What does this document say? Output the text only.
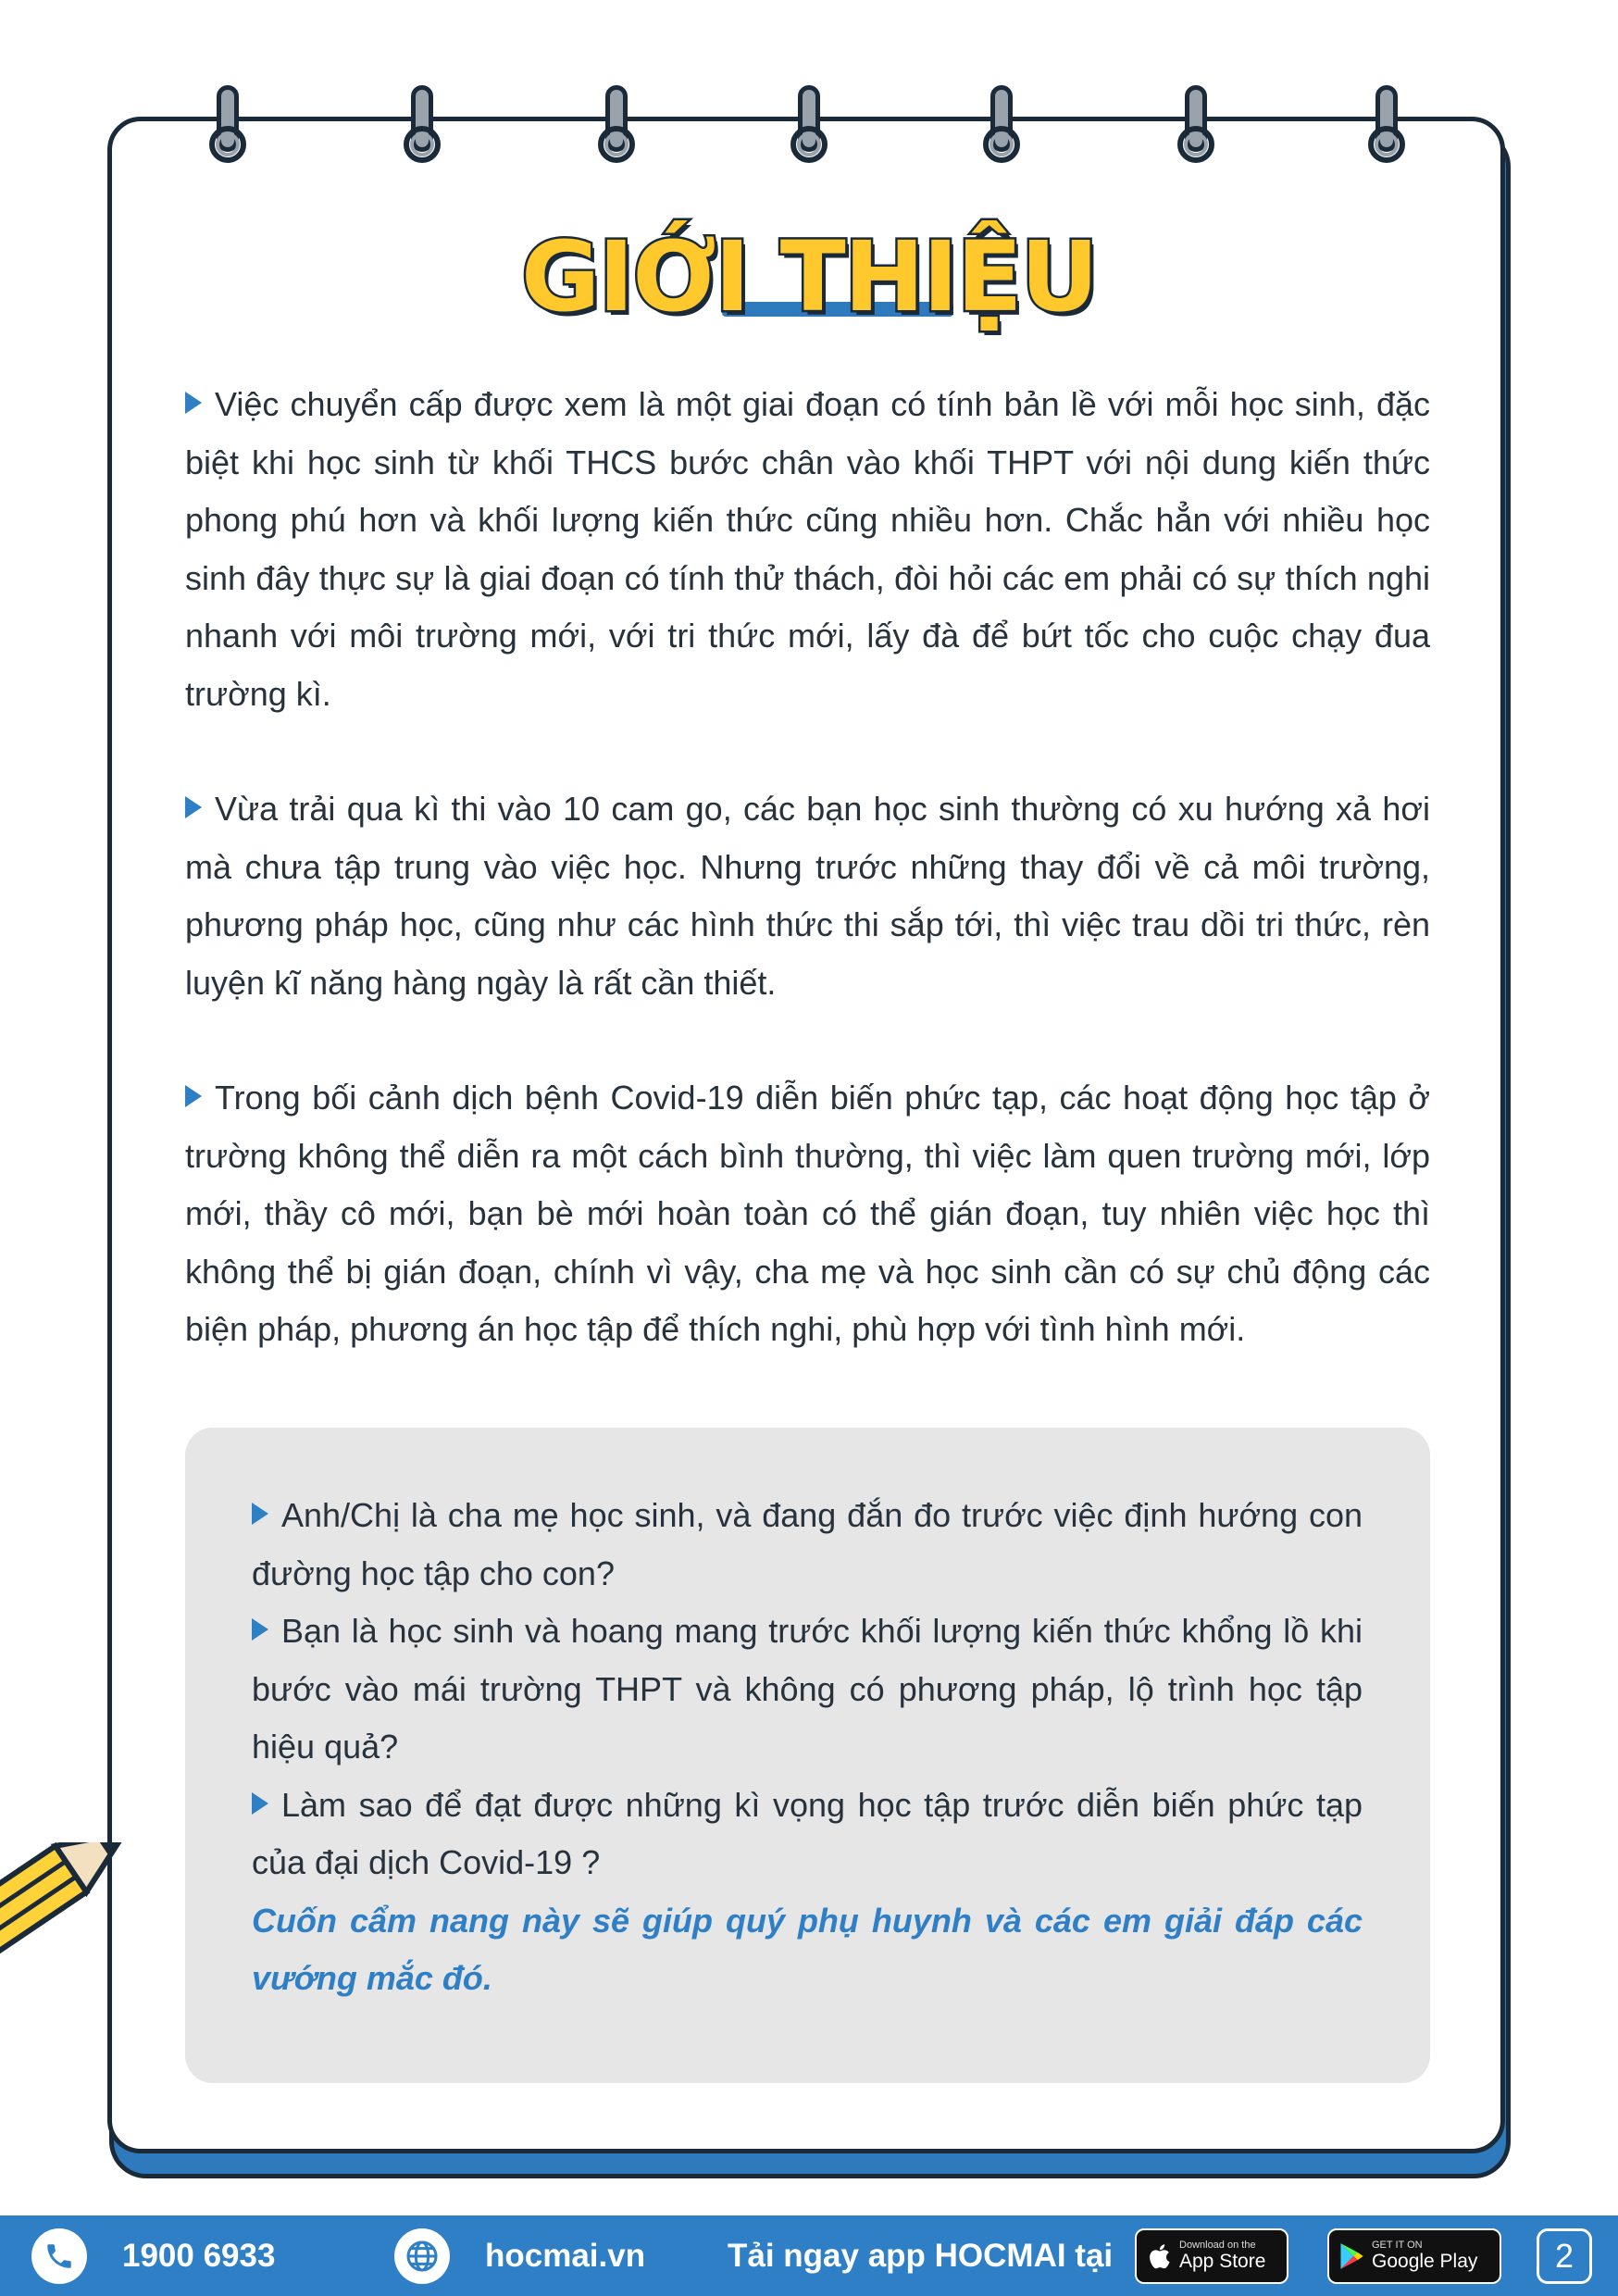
GIỚI THIỆU

Việc chuyển cấp được xem là một giai đoạn có tính bản lề với mỗi học sinh, đặc biệt khi học sinh từ khối THCS bước chân vào khối THPT với nội dung kiến thức phong phú hơn và khối lượng kiến thức cũng nhiều hơn. Chắc hẳn với nhiều học sinh đây thực sự là giai đoạn có tính thử thách, đòi hỏi các em phải có sự thích nghi nhanh với môi trường mới, với tri thức mới, lấy đà để bứt tốc cho cuộc chạy đua trường kì.

Vừa trải qua kì thi vào 10 cam go, các bạn học sinh thường có xu hướng xả hơi mà chưa tập trung vào việc học. Nhưng trước những thay đổi về cả môi trường, phương pháp học, cũng như các hình thức thi sắp tới, thì việc trau dồi tri thức, rèn luyện kĩ năng hàng ngày là rất cần thiết.

Trong bối cảnh dịch bệnh Covid-19 diễn biến phức tạp, các hoạt động học tập ở trường không thể diễn ra một cách bình thường, thì việc làm quen trường mới, lớp mới, thầy cô mới, bạn bè mới hoàn toàn có thể gián đoạn, tuy nhiên việc học thì không thể bị gián đoạn, chính vì vậy, cha mẹ và học sinh cần có sự chủ động các biện pháp, phương án học tập để thích nghi, phù hợp với tình hình mới.

Anh/Chị là cha mẹ học sinh, và đang đắn đo trước việc định hướng con đường học tập cho con?

Bạn là học sinh và hoang mang trước khối lượng kiến thức khổng lồ khi bước vào mái trường THPT và không có phương pháp, lộ trình học tập hiệu quả?

Làm sao để đạt được những kì vọng học tập trước diễn biến phức tạp của đại dịch Covid-19 ?

Cuốn cẩm nang này sẽ giúp quý phụ huynh và các em giải đáp các vướng mắc đó.

1900 6933	hocmai.vn	Tải ngay app HOCMAI tại	Download on the
App Store
GET IT ON
Google Play	2
